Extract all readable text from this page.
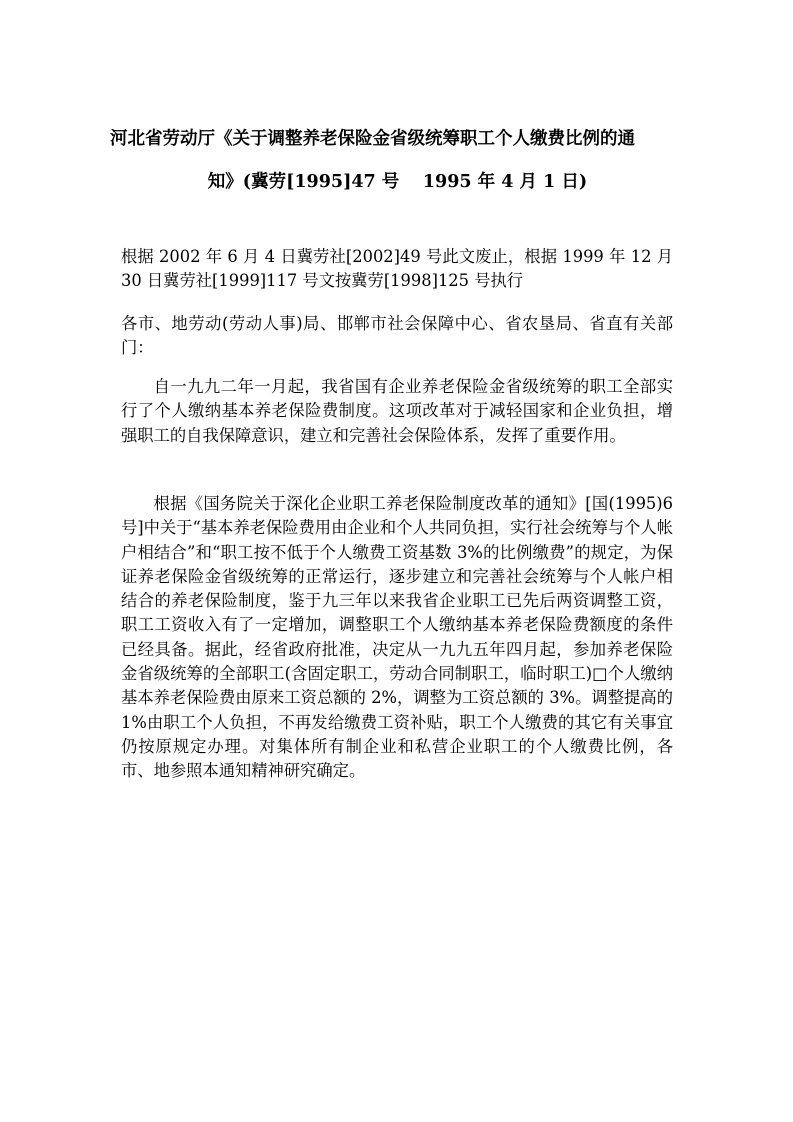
河北省劳动厅《关于调整养老保险金省级统筹职工个人缴费比例的通
知》(冀劳[1995]47 号　 1995 年 4 月 1 日)
根据 2002 年 6 月 4 日冀劳社[2002]49 号此文废止，根据 1999 年 12 月 30 日冀劳社[1999]117 号文按冀劳[1998]125 号执行
各市、地劳动(劳动人事)局、邯郸市社会保障中心、省农垦局、省直有关部门：
自一九九二年一月起，我省国有企业养老保险金省级统筹的职工全部实行了个人缴纳基本养老保险费制度。这项改革对于减轻国家和企业负担，增强职工的自我保障意识，建立和完善社会保险体系，发挥了重要作用。
根据《国务院关于深化企业职工养老保险制度改革的通知》[国(1995)6 号]中关于“基本养老保险费用由企业和个人共同负担，实行社会统筹与个人帐户相结合”和“职工按不低于个人缴费工资基数 3%的比例缴费”的规定，为保证养老保险金省级统筹的正常运行，逐步建立和完善社会统筹与个人帐户相结合的养老保险制度，鉴于九三年以来我省企业职工已先后两资调整工资，职工工资收入有了一定增加，调整职工个人缴纳基本养老保险费额度的条件已经具备。据此，经省政府批准，决定从一九九五年四月起，参加养老保险金省级统筹的全部职工(含固定职工，劳动合同制职工，临时职工)□个人缴纳基本养老保险费由原来工资总额的 2%，调整为工资总额的 3%。调整提高的 1%由职工个人负担，不再发给缴费工资补贴，职工个人缴费的其它有关事宜仍按原规定办理。对集体所有制企业和私营企业职工的个人缴费比例，各市、地参照本通知精神研究确定。
